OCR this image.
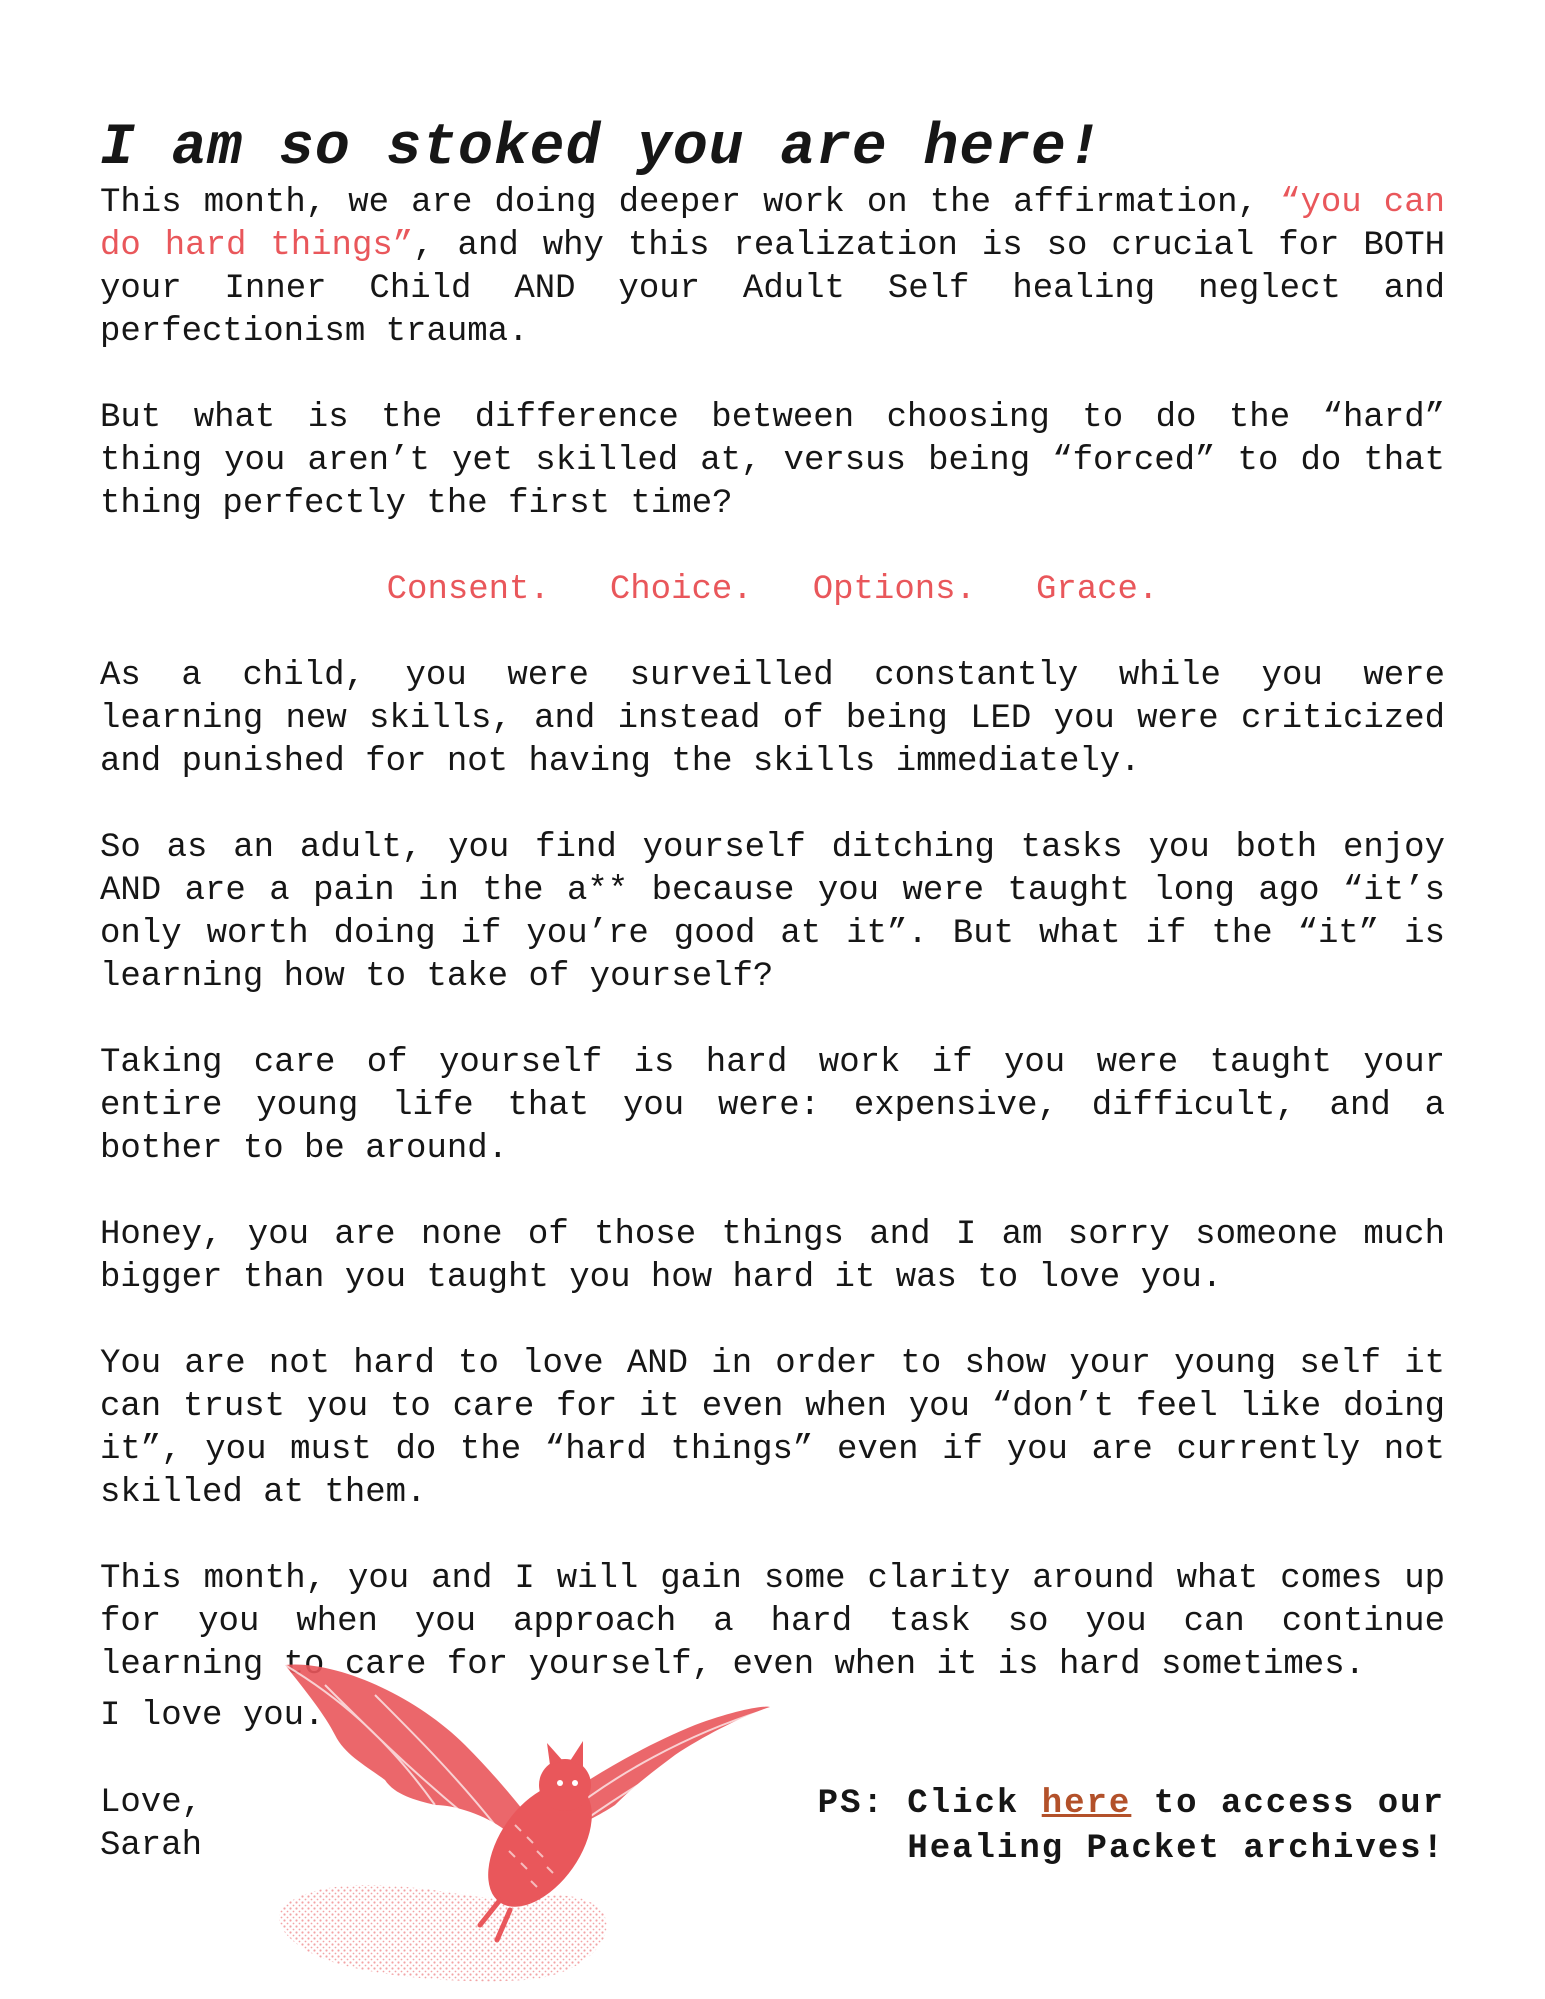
I am so stoked you are here!

This month, we are doing deeper work on the affirmation, “you can do hard things”, and why this realization is so crucial for BOTH your Inner Child AND your Adult Self healing neglect and perfectionism trauma.

But what is the difference between choosing to do the “hard” thing you aren’t yet skilled at, versus being “forced” to do that thing perfectly the first time?

Consent. Choice. Options. Grace.

As a child, you were surveilled constantly while you were learning new skills, and instead of being LED you were criticized and punished for not having the skills immediately.

So as an adult, you find yourself ditching tasks you both enjoy AND are a pain in the a** because you were taught long ago “it’s only worth doing if you’re good at it”. But what if the “it” is learning how to take of yourself?

Taking care of yourself is hard work if you were taught your entire young life that you were: expensive, difficult, and a bother to be around.

Honey, you are none of those things and I am sorry someone much bigger than you taught you how hard it was to love you.

You are not hard to love AND in order to show your young self it can trust you to care for it even when you “don’t feel like doing it”, you must do the “hard things” even if you are currently not skilled at them.

This month, you and I will gain some clarity around what comes up for you when you approach a hard task so you can continue learning to care for yourself, even when it is hard sometimes.

I love you.
Love,
Sarah
PS: Click here to access our
Healing Packet archives!
